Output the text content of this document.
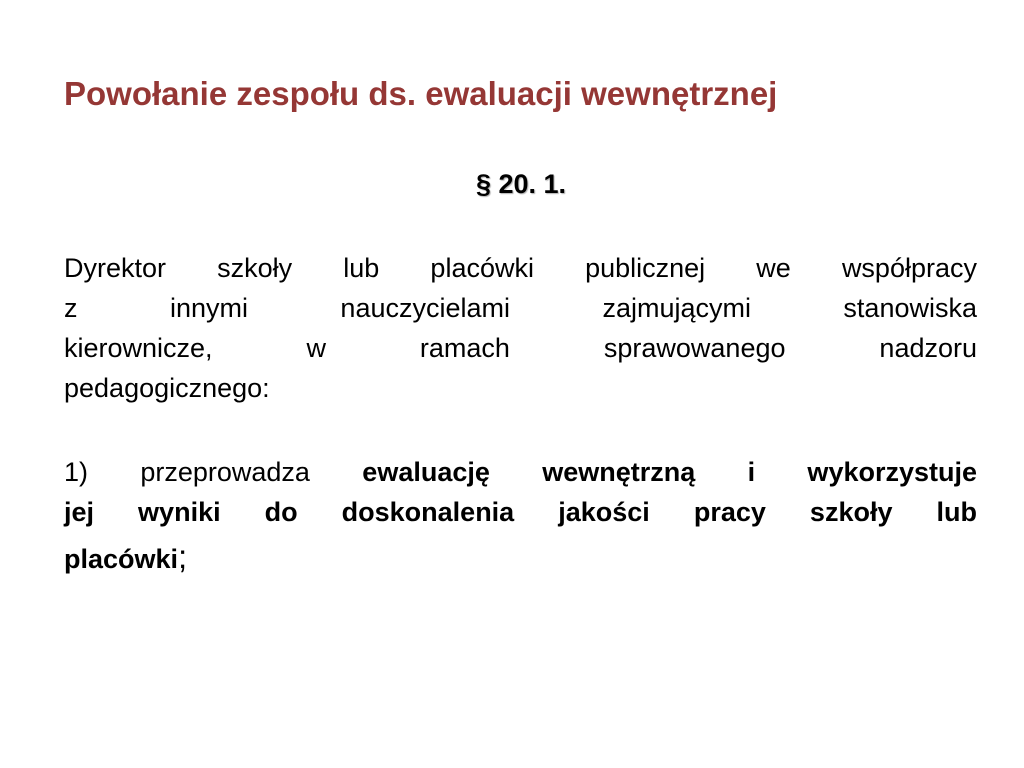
Powołanie zespołu ds. ewaluacji wewnętrznej

§ 20. 1.

Dyrektor szkoły lub placówki publicznej we współpracy
z innymi nauczycielami zajmującymi stanowiska
kierownicze, w ramach sprawowanego nadzoru
pedagogicznego:
1) przeprowadza ewaluację wewnętrzną i wykorzystuje
jej wyniki do doskonalenia jakości pracy szkoły lub
placówki;
